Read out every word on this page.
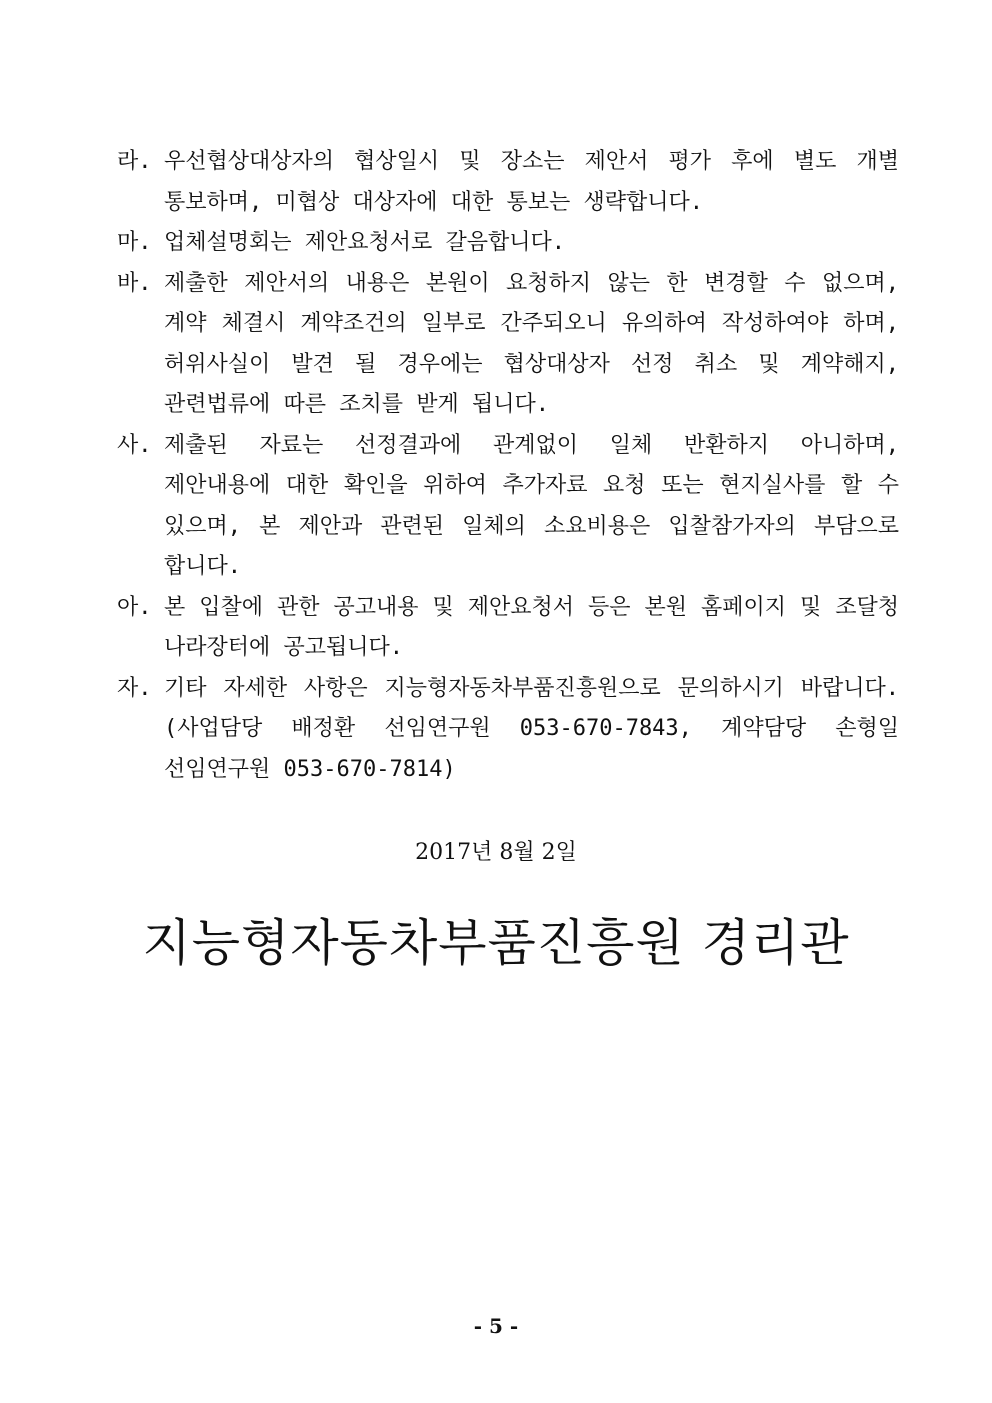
라. 우선협상대상자의 협상일시 및 장소는 제안서 평가 후에 별도 개별 통보하며, 미협상 대상자에 대한 통보는 생략합니다.
마. 업체설명회는 제안요청서로 갈음합니다.
바. 제출한 제안서의 내용은 본원이 요청하지 않는 한 변경할 수 없으며, 계약 체결시 계약조건의 일부로 간주되오니 유의하여 작성하여야 하며, 허위사실이 발견 될 경우에는 협상대상자 선정 취소 및 계약해지, 관련법류에 따른 조치를 받게 됩니다.
사. 제출된 자료는 선정결과에 관계없이 일체 반환하지 아니하며, 제안내용에 대한 확인을 위하여 추가자료 요청 또는 현지실사를 할 수 있으며, 본 제안과 관련된 일체의 소요비용은 입찰참가자의 부담으로 합니다.
아. 본 입찰에 관한 공고내용 및 제안요청서 등은 본원 홈페이지 및 조달청 나라장터에 공고됩니다.
자. 기타 자세한 사항은 지능형자동차부품진흥원으로 문의하시기 바랍니다.(사업담당 배정환 선임연구원 053-670-7843, 계약담당 손형일 선임연구원 053-670-7814)
2017년 8월 2일
지능형자동차부품진흥원 경리관
- 5 -
